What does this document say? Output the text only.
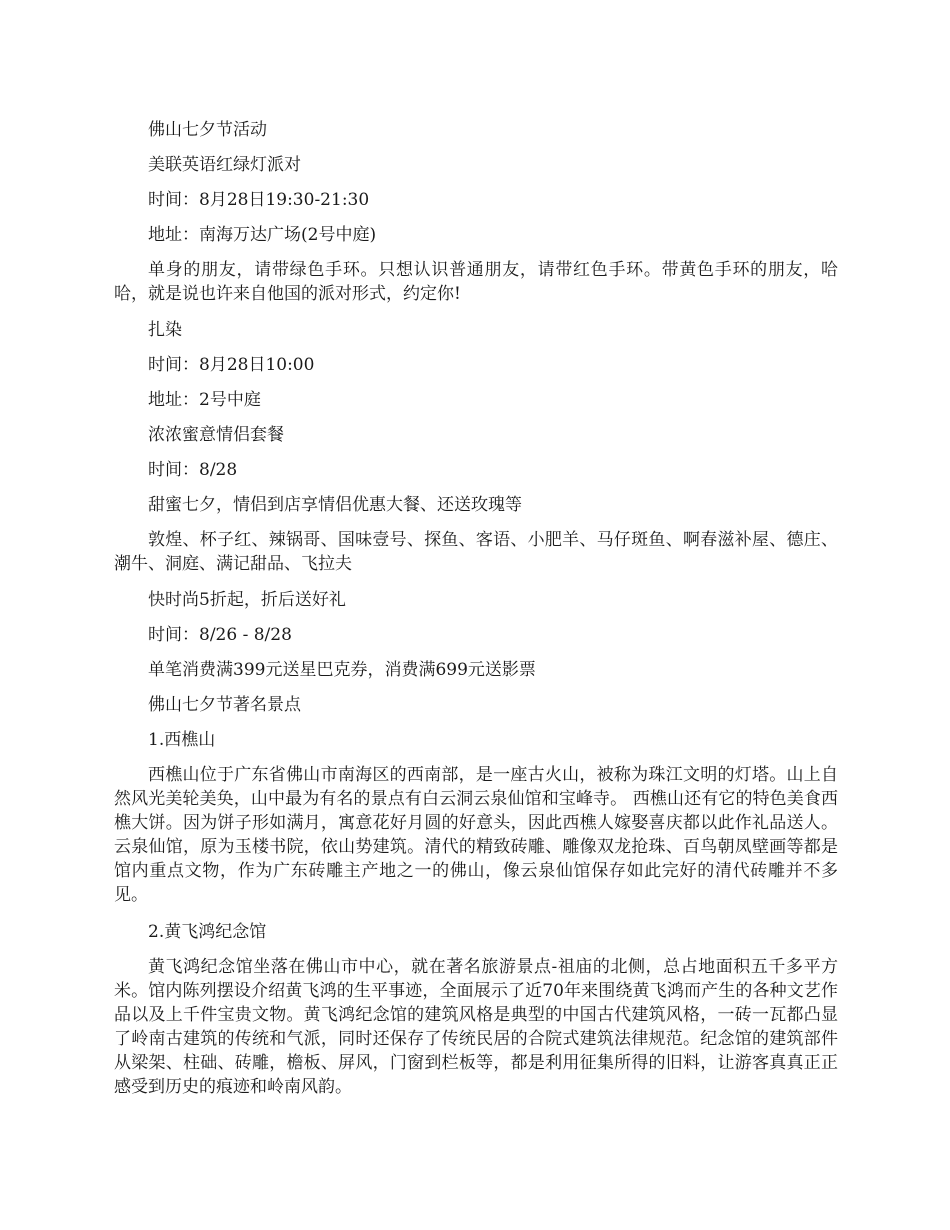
佛山七夕节活动

美联英语红绿灯派对

时间：8月28日19:30-21:30

地址：南海万达广场(2号中庭)

单身的朋友，请带绿色手环。只想认识普通朋友，请带红色手环。带黄色手环的朋友，哈哈，就是说也许来自他国的派对形式，约定你!

扎染

时间：8月28日10:00

地址：2号中庭

浓浓蜜意情侣套餐

时间：8/28

甜蜜七夕，情侣到店享情侣优惠大餐、还送玫瑰等

敦煌、杯子红、辣锅哥、国味壹号、探鱼、客语、小肥羊、马仔斑鱼、啊春滋补屋、德庄、潮牛、洞庭、满记甜品、飞拉夫

快时尚5折起，折后送好礼

时间：8/26 - 8/28

单笔消费满399元送星巴克券，消费满699元送影票

佛山七夕节著名景点

1.西樵山

西樵山位于广东省佛山市南海区的西南部，是一座古火山，被称为珠江文明的灯塔。山上自然风光美轮美奂，山中最为有名的景点有白云洞云泉仙馆和宝峰寺。 西樵山还有它的特色美食西樵大饼。因为饼子形如满月，寓意花好月圆的好意头，因此西樵人嫁娶喜庆都以此作礼品送人。 云泉仙馆，原为玉楼书院，依山势建筑。清代的精致砖雕、雕像双龙抢珠、百鸟朝凤壁画等都是馆内重点文物，作为广东砖雕主产地之一的佛山，像云泉仙馆保存如此完好的清代砖雕并不多见。

2.黄飞鸿纪念馆

黄飞鸿纪念馆坐落在佛山市中心，就在著名旅游景点-祖庙的北侧，总占地面积五千多平方米。馆内陈列摆设介绍黄飞鸿的生平事迹，全面展示了近70年来围绕黄飞鸿而产生的各种文艺作品以及上千件宝贵文物。黄飞鸿纪念馆的建筑风格是典型的中国古代建筑风格，一砖一瓦都凸显了岭南古建筑的传统和气派，同时还保存了传统民居的合院式建筑法律规范。纪念馆的建筑部件从梁架、柱础、砖雕，檐板、屏风，门窗到栏板等，都是利用征集所得的旧料，让游客真真正正感受到历史的痕迹和岭南风韵。
